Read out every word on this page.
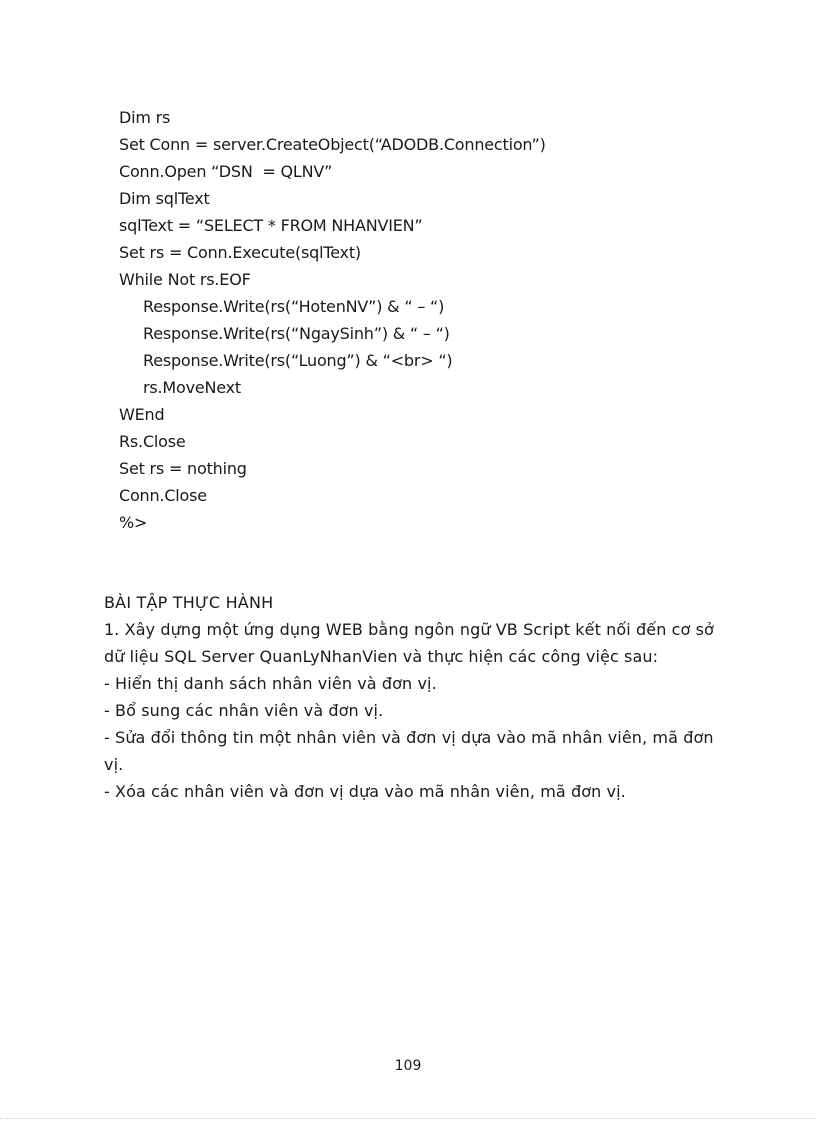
Dim rs
Set Conn = server.CreateObject(“ADODB.Connection”)
Conn.Open “DSN  = QLNV”
Dim sqlText
sqlText = “SELECT * FROM NHANVIEN”
Set rs = Conn.Execute(sqlText)
While Not rs.EOF
Response.Write(rs(“HotenNV”) & “ – “)
Response.Write(rs(“NgaySinh”) & “ – “)
Response.Write(rs(“Luong”) & “<br> “)
rs.MoveNext
WEnd
Rs.Close
Set rs = nothing
Conn.Close
%>
BÀI TẬP THỰC HÀNH
1. Xây dựng một ứng dụng WEB bằng ngôn ngữ VB Script kết nối đến cơ sở
dữ liệu SQL Server QuanLyNhanVien và thực hiện các công việc sau:
- Hiển thị danh sách nhân viên và đơn vị.
- Bổ sung các nhân viên và đơn vị.
- Sửa đổi thông tin một nhân viên và đơn vị dựa vào mã nhân viên, mã đơn
vị.
- Xóa các nhân viên và đơn vị dựa vào mã nhân viên, mã đơn vị.
109
